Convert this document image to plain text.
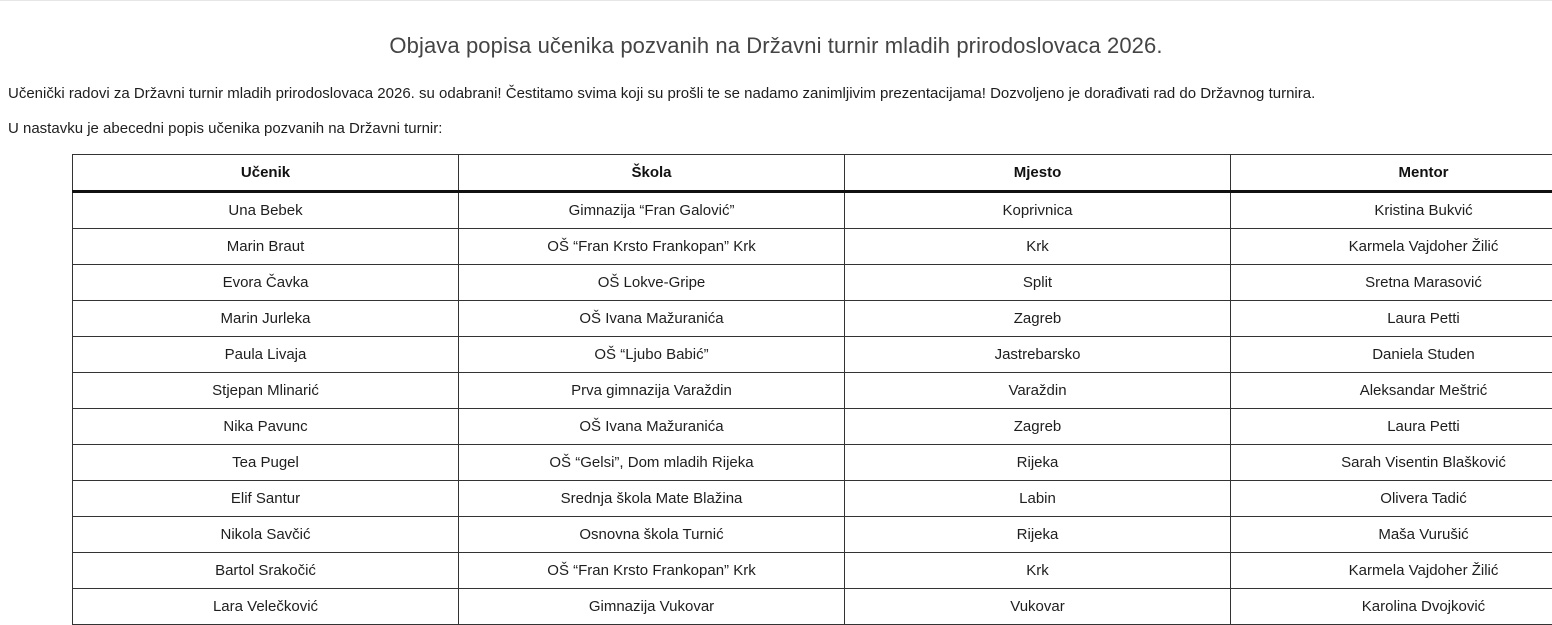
Objava popisa učenika pozvanih na Državni turnir mladih prirodoslovaca 2026.

Učenički radovi za Državni turnir mladih prirodoslovaca 2026. su odabrani! Čestitamo svima koji su prošli te se nadamo zanimljivim prezentacijama! Dozvoljeno je dorađivati rad do Državnog turnira.

U nastavku je abecedni popis učenika pozvanih na Državni turnir:

Učenik	Škola	Mjesto	Mentor
Una Bebek	Gimnazija “Fran Galović”	Koprivnica	Kristina Bukvić
Marin Braut	OŠ “Fran Krsto Frankopan” Krk	Krk	Karmela Vajdoher Žilić
Evora Čavka	OŠ Lokve-Gripe	Split	Sretna Marasović
Marin Jurleka	OŠ Ivana Mažuranića	Zagreb	Laura Petti
Paula Livaja	OŠ “Ljubo Babić”	Jastrebarsko	Daniela Studen
Stjepan Mlinarić	Prva gimnazija Varaždin	Varaždin	Aleksandar Meštrić
Nika Pavunc	OŠ Ivana Mažuranića	Zagreb	Laura Petti
Tea Pugel	OŠ “Gelsi”, Dom mladih Rijeka	Rijeka	Sarah Visentin Blašković
Elif Santur	Srednja škola Mate Blažina	Labin	Olivera Tadić
Nikola Savčić	Osnovna škola Turnić	Rijeka	Maša Vurušić
Bartol Srakočić	OŠ “Fran Krsto Frankopan” Krk	Krk	Karmela Vajdoher Žilić
Lara Velečković	Gimnazija Vukovar	Vukovar	Karolina Dvojković
